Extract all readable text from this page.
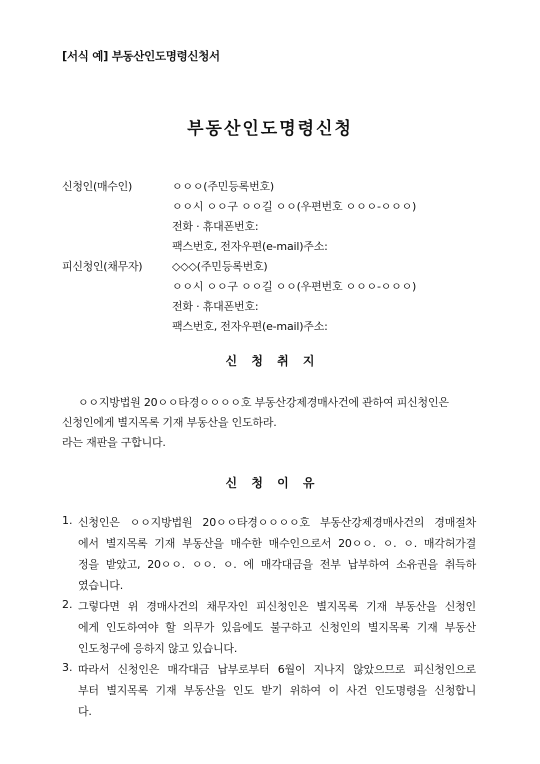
[서식 예] 부동산인도명령신청서
부동산인도명령신청
신청인(매수인)	ㅇㅇㅇ(주민등록번호)
ㅇㅇ시 ㅇㅇ구 ㅇㅇ길 ㅇㅇ(우편번호 ㅇㅇㅇ-ㅇㅇㅇ)
전화 · 휴대폰번호:
팩스번호, 전자우편(e-mail)주소:
피신청인(채무자)	◇◇◇(주민등록번호)
ㅇㅇ시 ㅇㅇ구 ㅇㅇ길 ㅇㅇ(우편번호 ㅇㅇㅇ-ㅇㅇㅇ)
전화 · 휴대폰번호:
팩스번호, 전자우편(e-mail)주소:
신 청 취 지
ㅇㅇ지방법원 20ㅇㅇ타경ㅇㅇㅇㅇ호 부동산강제경매사건에 관하여 피신청인은
신청인에게 별지목록 기재 부동산을 인도하라.
라는 재판을 구합니다.
신 청 이 유
1. 신청인은 ㅇㅇ지방법원 20ㅇㅇ타경ㅇㅇㅇㅇ호 부동산강제경매사건의 경매절차
에서 별지목록 기재 부동산을 매수한 매수인으로서 20ㅇㅇ. ㅇ. ㅇ. 매각허가결
정을 받았고, 20ㅇㅇ. ㅇㅇ. ㅇ. 에 매각대금을 전부 납부하여 소유권을 취득하
였습니다.
2. 그렇다면 위 경매사건의 채무자인 피신청인은 별지목록 기재 부동산을 신청인
에게 인도하여야 할 의무가 있음에도 불구하고 신청인의 별지목록 기재 부동산
인도청구에 응하지 않고 있습니다.
3. 따라서 신청인은 매각대금 납부로부터 6월이 지나지 않았으므로 피신청인으로
부터 별지목록 기재 부동산을 인도 받기 위하여 이 사건 인도명령을 신청합니
다.
